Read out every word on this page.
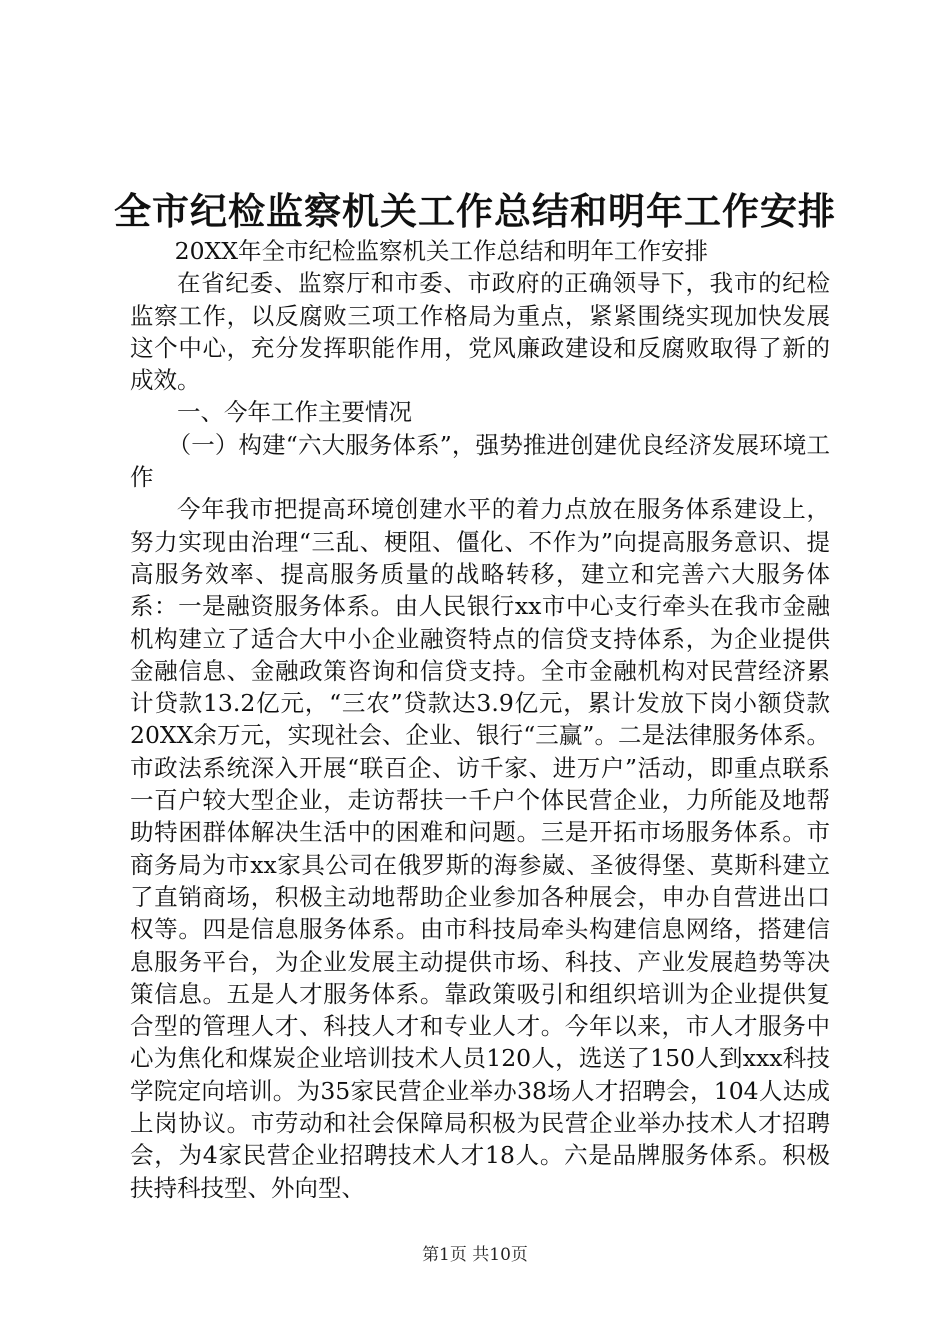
全市纪检监察机关工作总结和明年工作安排

20XX年全市纪检监察机关工作总结和明年工作安排

在省纪委、监察厅和市委、市政府的正确领导下，我市的纪检监察工作，以反腐败三项工作格局为重点，紧紧围绕实现加快发展这个中心，充分发挥职能作用，党风廉政建设和反腐败取得了新的成效。

一、今年工作主要情况

（一）构建“六大服务体系”，强势推进创建优良经济发展环境工作

今年我市把提高环境创建水平的着力点放在服务体系建设上，努力实现由治理“三乱、梗阻、僵化、不作为”向提高服务意识、提高服务效率、提高服务质量的战略转移，建立和完善六大服务体系：一是融资服务体系。由人民银行xx市中心支行牵头在我市金融机构建立了适合大中小企业融资特点的信贷支持体系，为企业提供金融信息、金融政策咨询和信贷支持。全市金融机构对民营经济累计贷款13.2亿元，“三农”贷款达3.9亿元，累计发放下岗小额贷款20XX余万元，实现社会、企业、银行“三赢”。二是法律服务体系。市政法系统深入开展“联百企、访千家、进万户”活动，即重点联系一百户较大型企业，走访帮扶一千户个体民营企业，力所能及地帮助特困群体解决生活中的困难和问题。三是开拓市场服务体系。市商务局为市xx家具公司在俄罗斯的海参崴、圣彼得堡、莫斯科建立了直销商场，积极主动地帮助企业参加各种展会，申办自营进出口权等。四是信息服务体系。由市科技局牵头构建信息网络，搭建信息服务平台，为企业发展主动提供市场、科技、产业发展趋势等决策信息。五是人才服务体系。靠政策吸引和组织培训为企业提供复合型的管理人才、科技人才和专业人才。今年以来，市人才服务中心为焦化和煤炭企业培训技术人员120人，选送了150人到xxx科技学院定向培训。为35家民营企业举办38场人才招聘会，104人达成上岗协议。市劳动和社会保障局积极为民营企业举办技术人才招聘会，为4家民营企业招聘技术人才18人。六是品牌服务体系。积极扶持科技型、外向型、

第1页 共10页
